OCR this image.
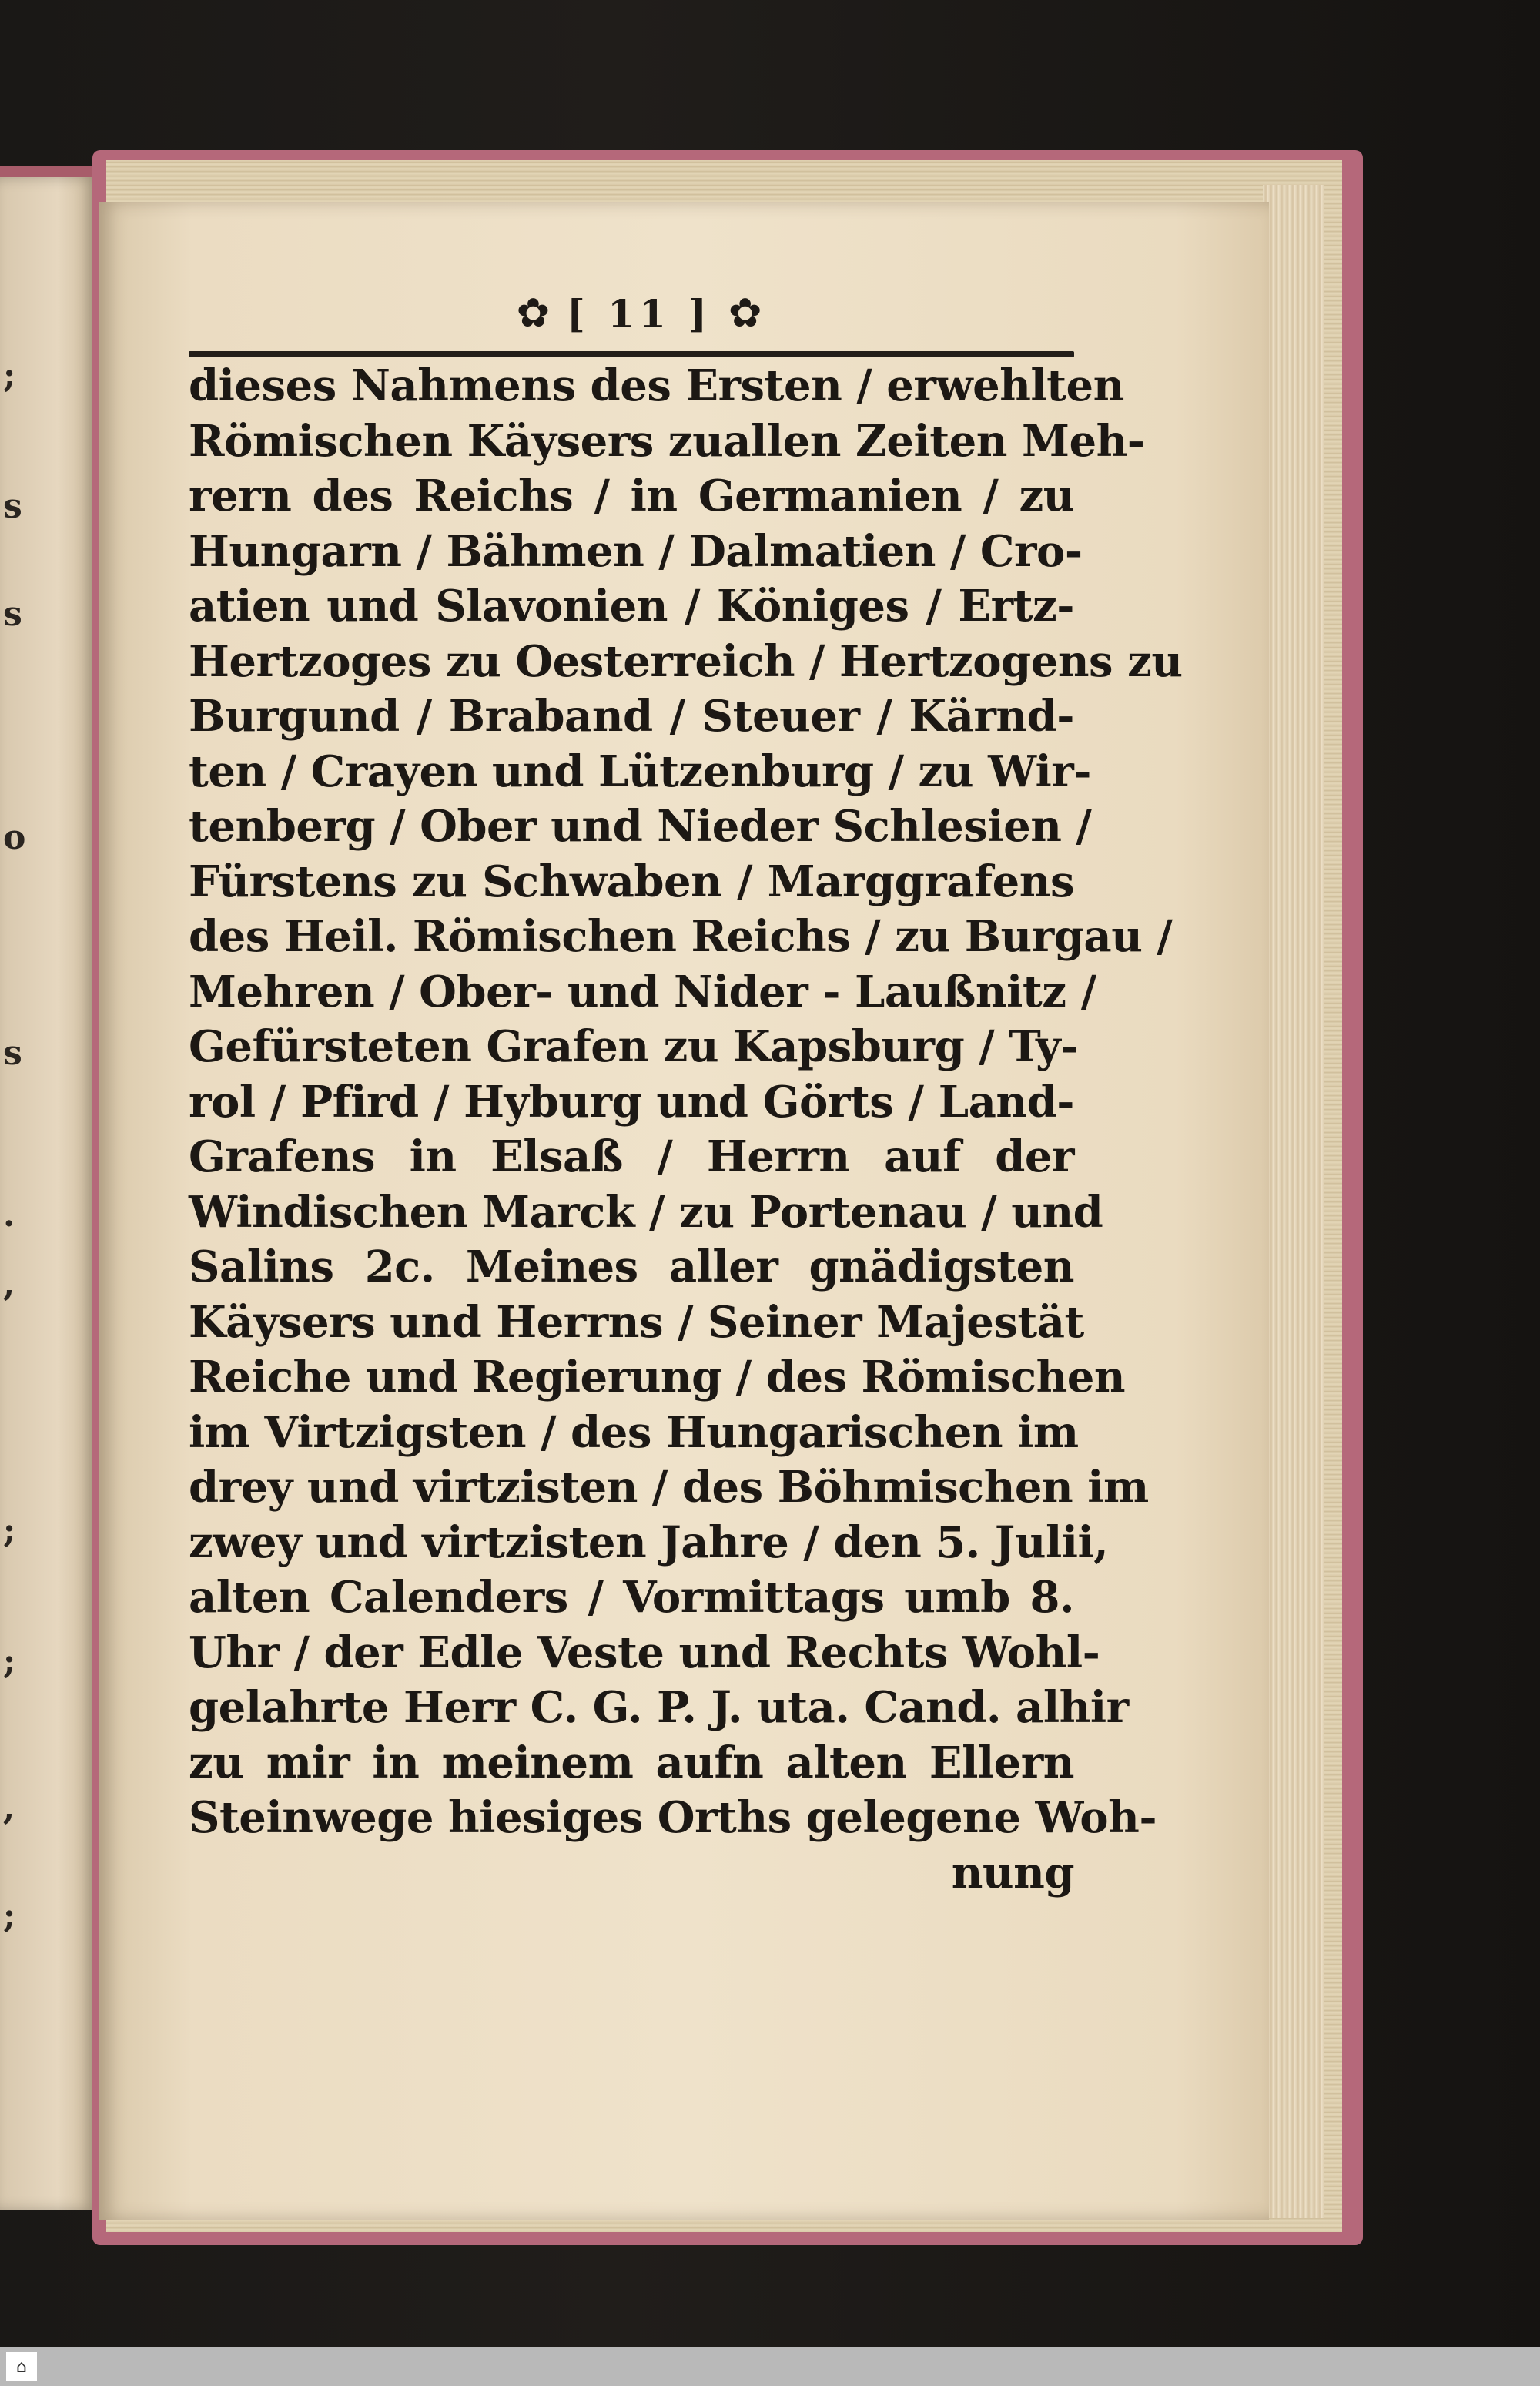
;
s
s
o
s
.
,
;
;
,
;
✿ [ 11 ] ✿
dieses Nahmens des Ersten / erwehlten
Römischen Käysers zuallen Zeiten Meh-
rern des Reichs / in Germanien / zu
Hungarn / Bähmen / Dalmatien / Cro-
atien und Slavonien / Königes / Ertz-
Hertzoges zu Oesterreich / Hertzogens zu
Burgund / Braband / Steuer / Kärnd-
ten / Crayen und Lützenburg / zu Wir-
tenberg / Ober und Nieder Schlesien /
Fürstens zu Schwaben / Marggrafens
des Heil. Römischen Reichs / zu Burgau /
Mehren / Ober- und Nider - Laußnitz /
Gefürsteten Grafen zu Kapsburg / Ty-
rol / Pfird / Hyburg und Görts / Land-
Grafens in Elsaß / Herrn auf der
Windischen Marck / zu Portenau / und
Salins 2c. Meines aller gnädigsten
Käysers und Herrns / Seiner Majestät
Reiche und Regierung / des Römischen
im Virtzigsten / des Hungarischen im
drey und virtzisten / des Böhmischen im
zwey und virtzisten Jahre / den 5. Julii,
alten Calenders / Vormittags umb 8.
Uhr / der Edle Veste und Rechts Wohl-
gelahrte Herr C. G. P. J. uta. Cand. alhir
zu mir in meinem aufn alten Ellern
Steinwege hiesiges Orths gelegene Woh-
nung
⌂
